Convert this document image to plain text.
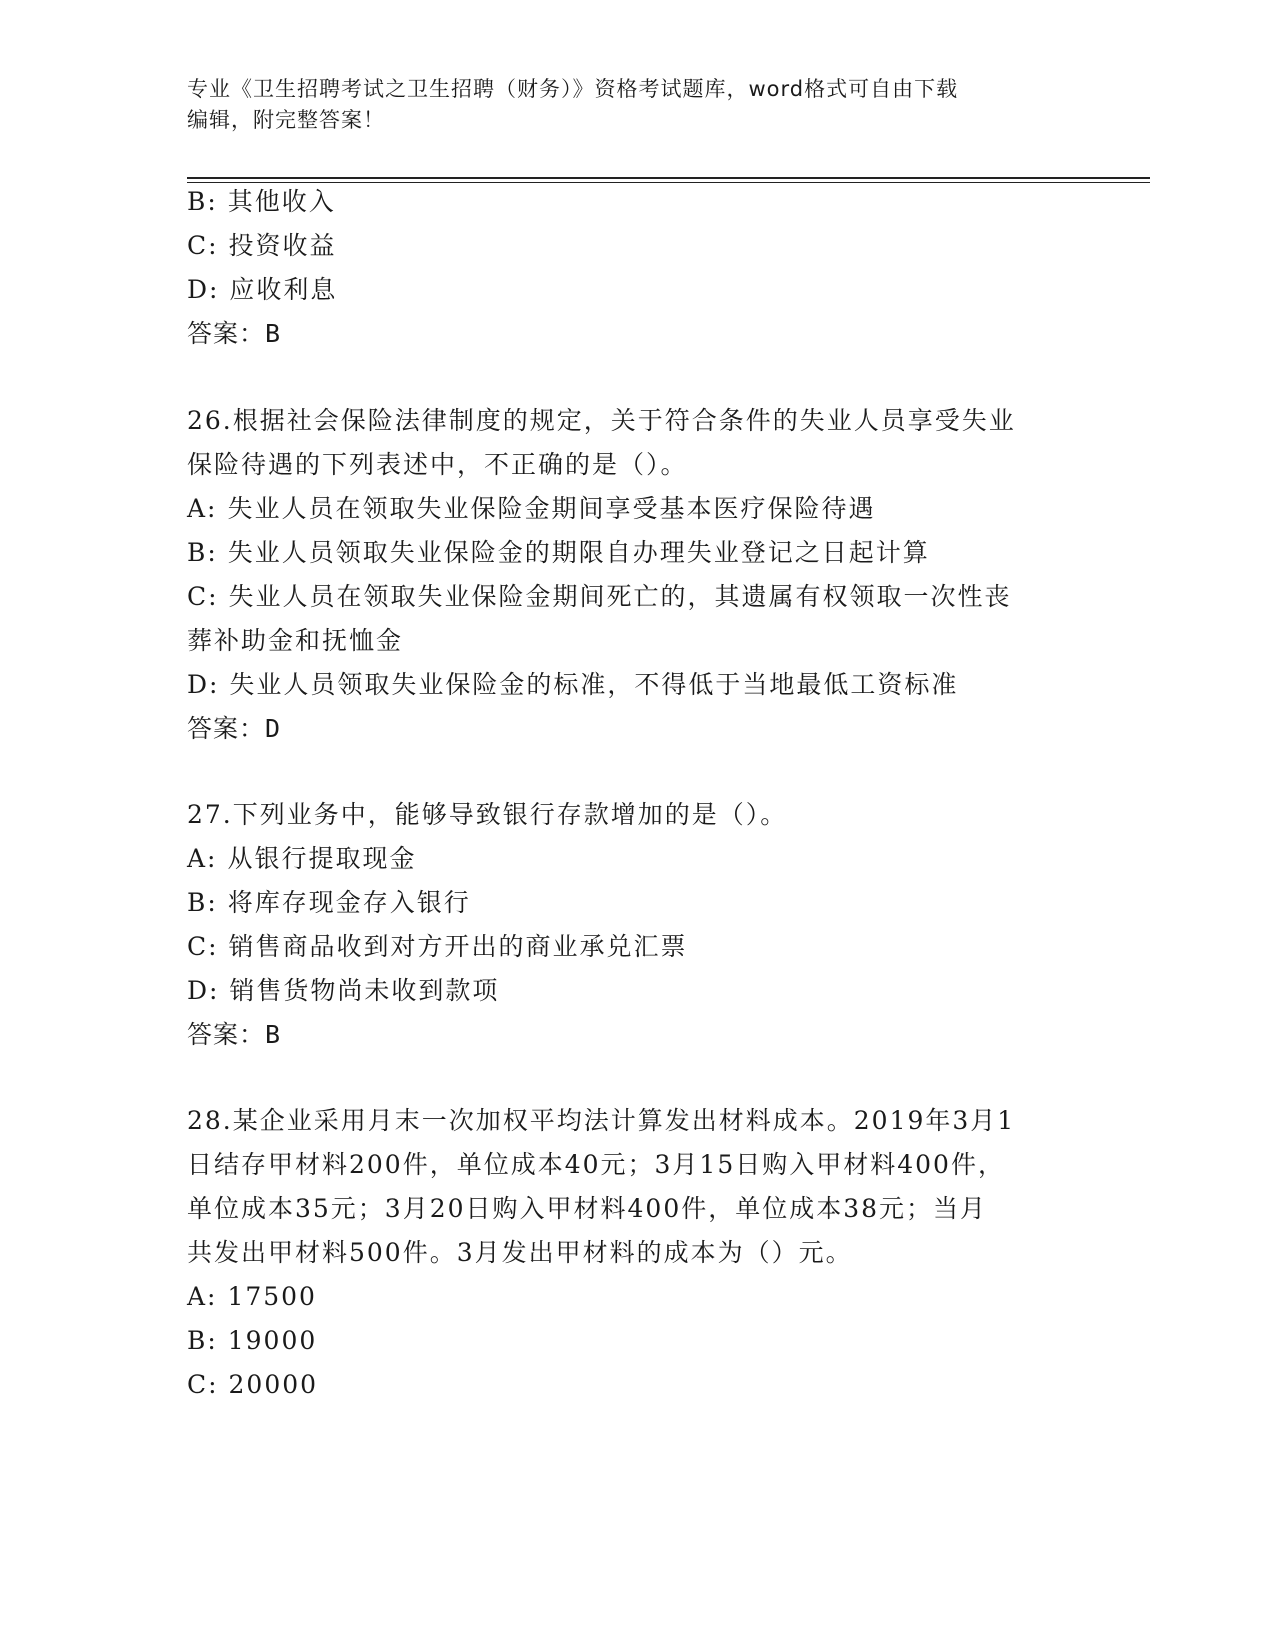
专业《卫生招聘考试之卫生招聘（财务）》资格考试题库，word格式可自由下载
编辑，附完整答案！
B: 其他收入
C: 投资收益
D: 应收利息
答案：B
26.根据社会保险法律制度的规定，关于符合条件的失业人员享受失业
保险待遇的下列表述中，不正确的是（）。
A: 失业人员在领取失业保险金期间享受基本医疗保险待遇
B: 失业人员领取失业保险金的期限自办理失业登记之日起计算
C: 失业人员在领取失业保险金期间死亡的，其遗属有权领取一次性丧
葬补助金和抚恤金
D: 失业人员领取失业保险金的标准，不得低于当地最低工资标准
答案：D
27.下列业务中，能够导致银行存款增加的是（）。
A: 从银行提取现金
B: 将库存现金存入银行
C: 销售商品收到对方开出的商业承兑汇票
D: 销售货物尚未收到款项
答案：B
28.某企业采用月末一次加权平均法计算发出材料成本。2019年3月1
日结存甲材料200件，单位成本40元；3月15日购入甲材料400件，
单位成本35元；3月20日购入甲材料400件，单位成本38元；当月
共发出甲材料500件。3月发出甲材料的成本为（）元。
A: 17500
B: 19000
C: 20000
